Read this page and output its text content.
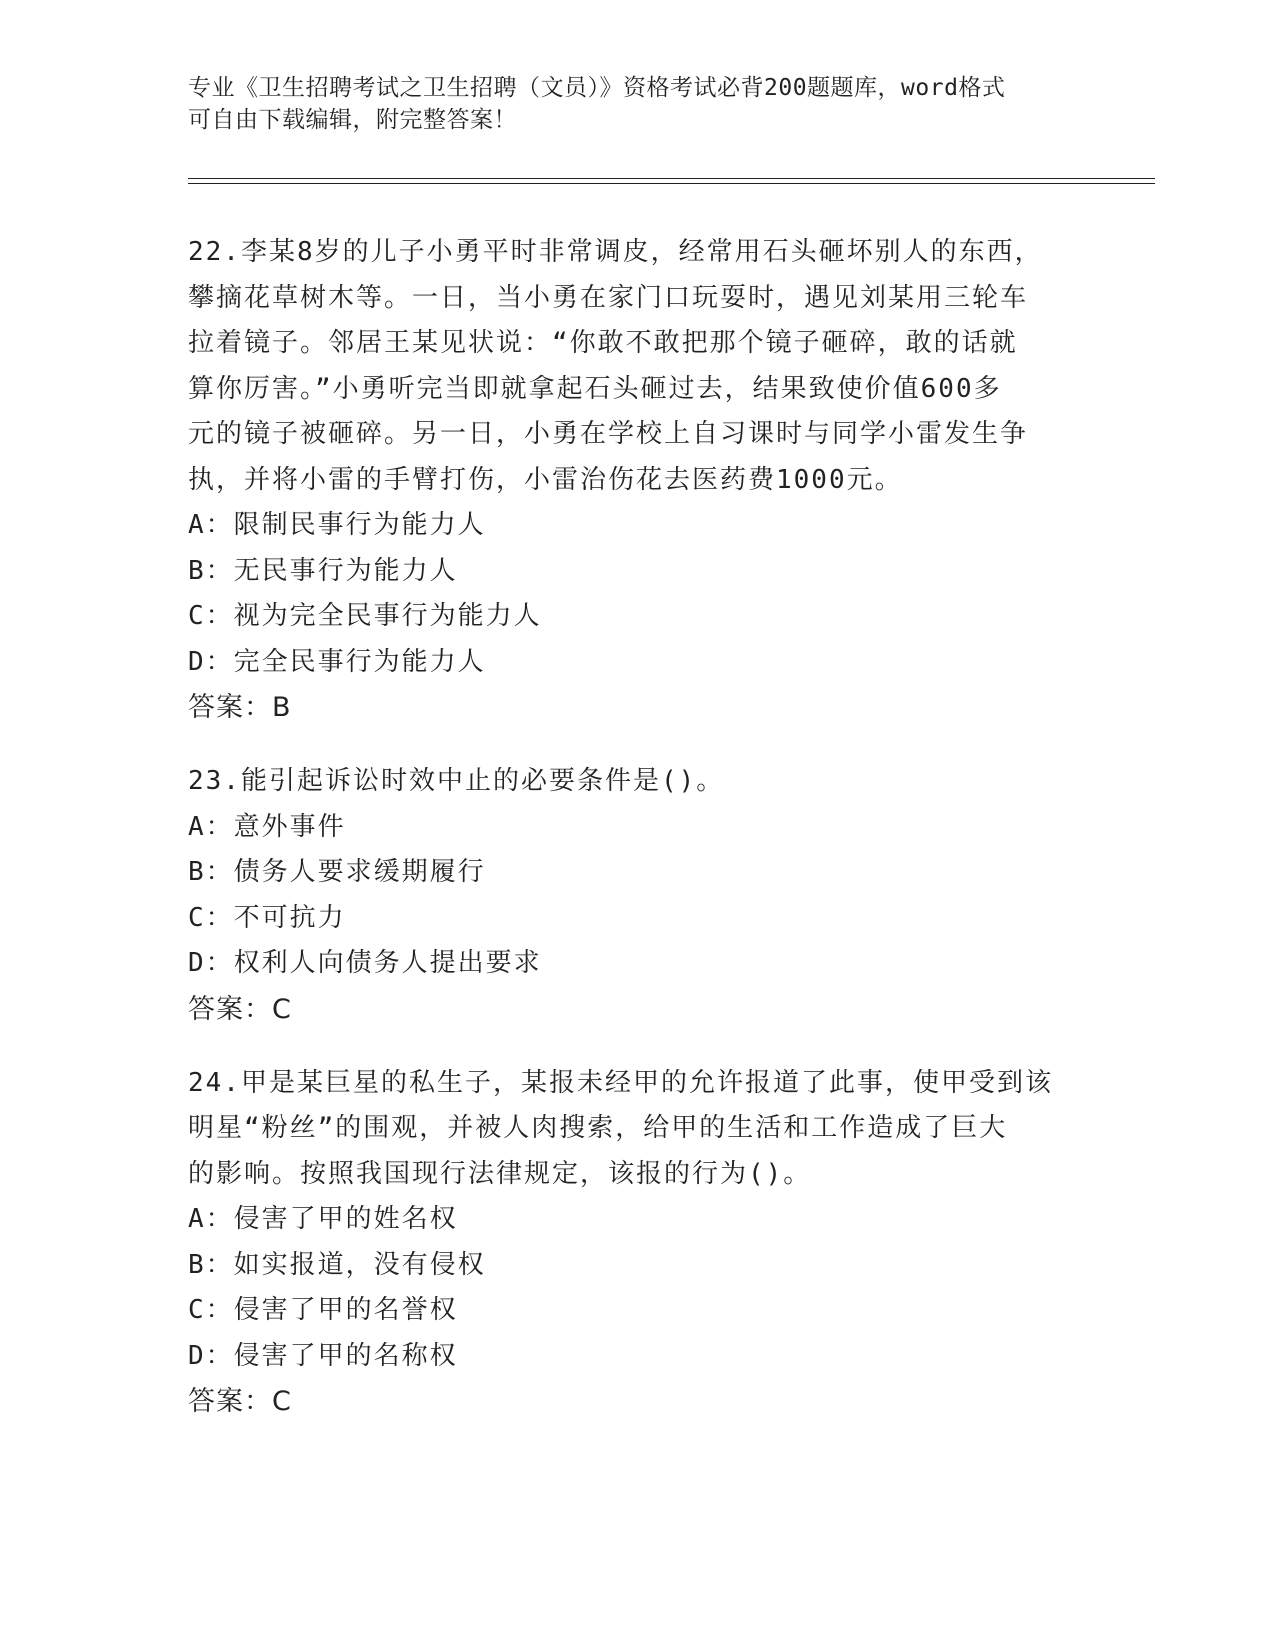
专业《卫生招聘考试之卫生招聘（文员）》资格考试必背200题题库，word格式
可自由下载编辑，附完整答案！
22.李某8岁的儿子小勇平时非常调皮，经常用石头砸坏别人的东西，
攀摘花草树木等。一日，当小勇在家门口玩耍时，遇见刘某用三轮车
拉着镜子。邻居王某见状说：“你敢不敢把那个镜子砸碎，敢的话就
算你厉害。”小勇听完当即就拿起石头砸过去，结果致使价值600多
元的镜子被砸碎。另一日，小勇在学校上自习课时与同学小雷发生争
执，并将小雷的手臂打伤，小雷治伤花去医药费1000元。
A：限制民事行为能力人
B：无民事行为能力人
C：视为完全民事行为能力人
D：完全民事行为能力人
答案：B
23.能引起诉讼时效中止的必要条件是()。
A：意外事件
B：债务人要求缓期履行
C：不可抗力
D：权利人向债务人提出要求
答案：C
24.甲是某巨星的私生子，某报未经甲的允许报道了此事，使甲受到该
明星“粉丝”的围观，并被人肉搜索，给甲的生活和工作造成了巨大
的影响。按照我国现行法律规定，该报的行为()。
A：侵害了甲的姓名权
B：如实报道，没有侵权
C：侵害了甲的名誉权
D：侵害了甲的名称权
答案：C
